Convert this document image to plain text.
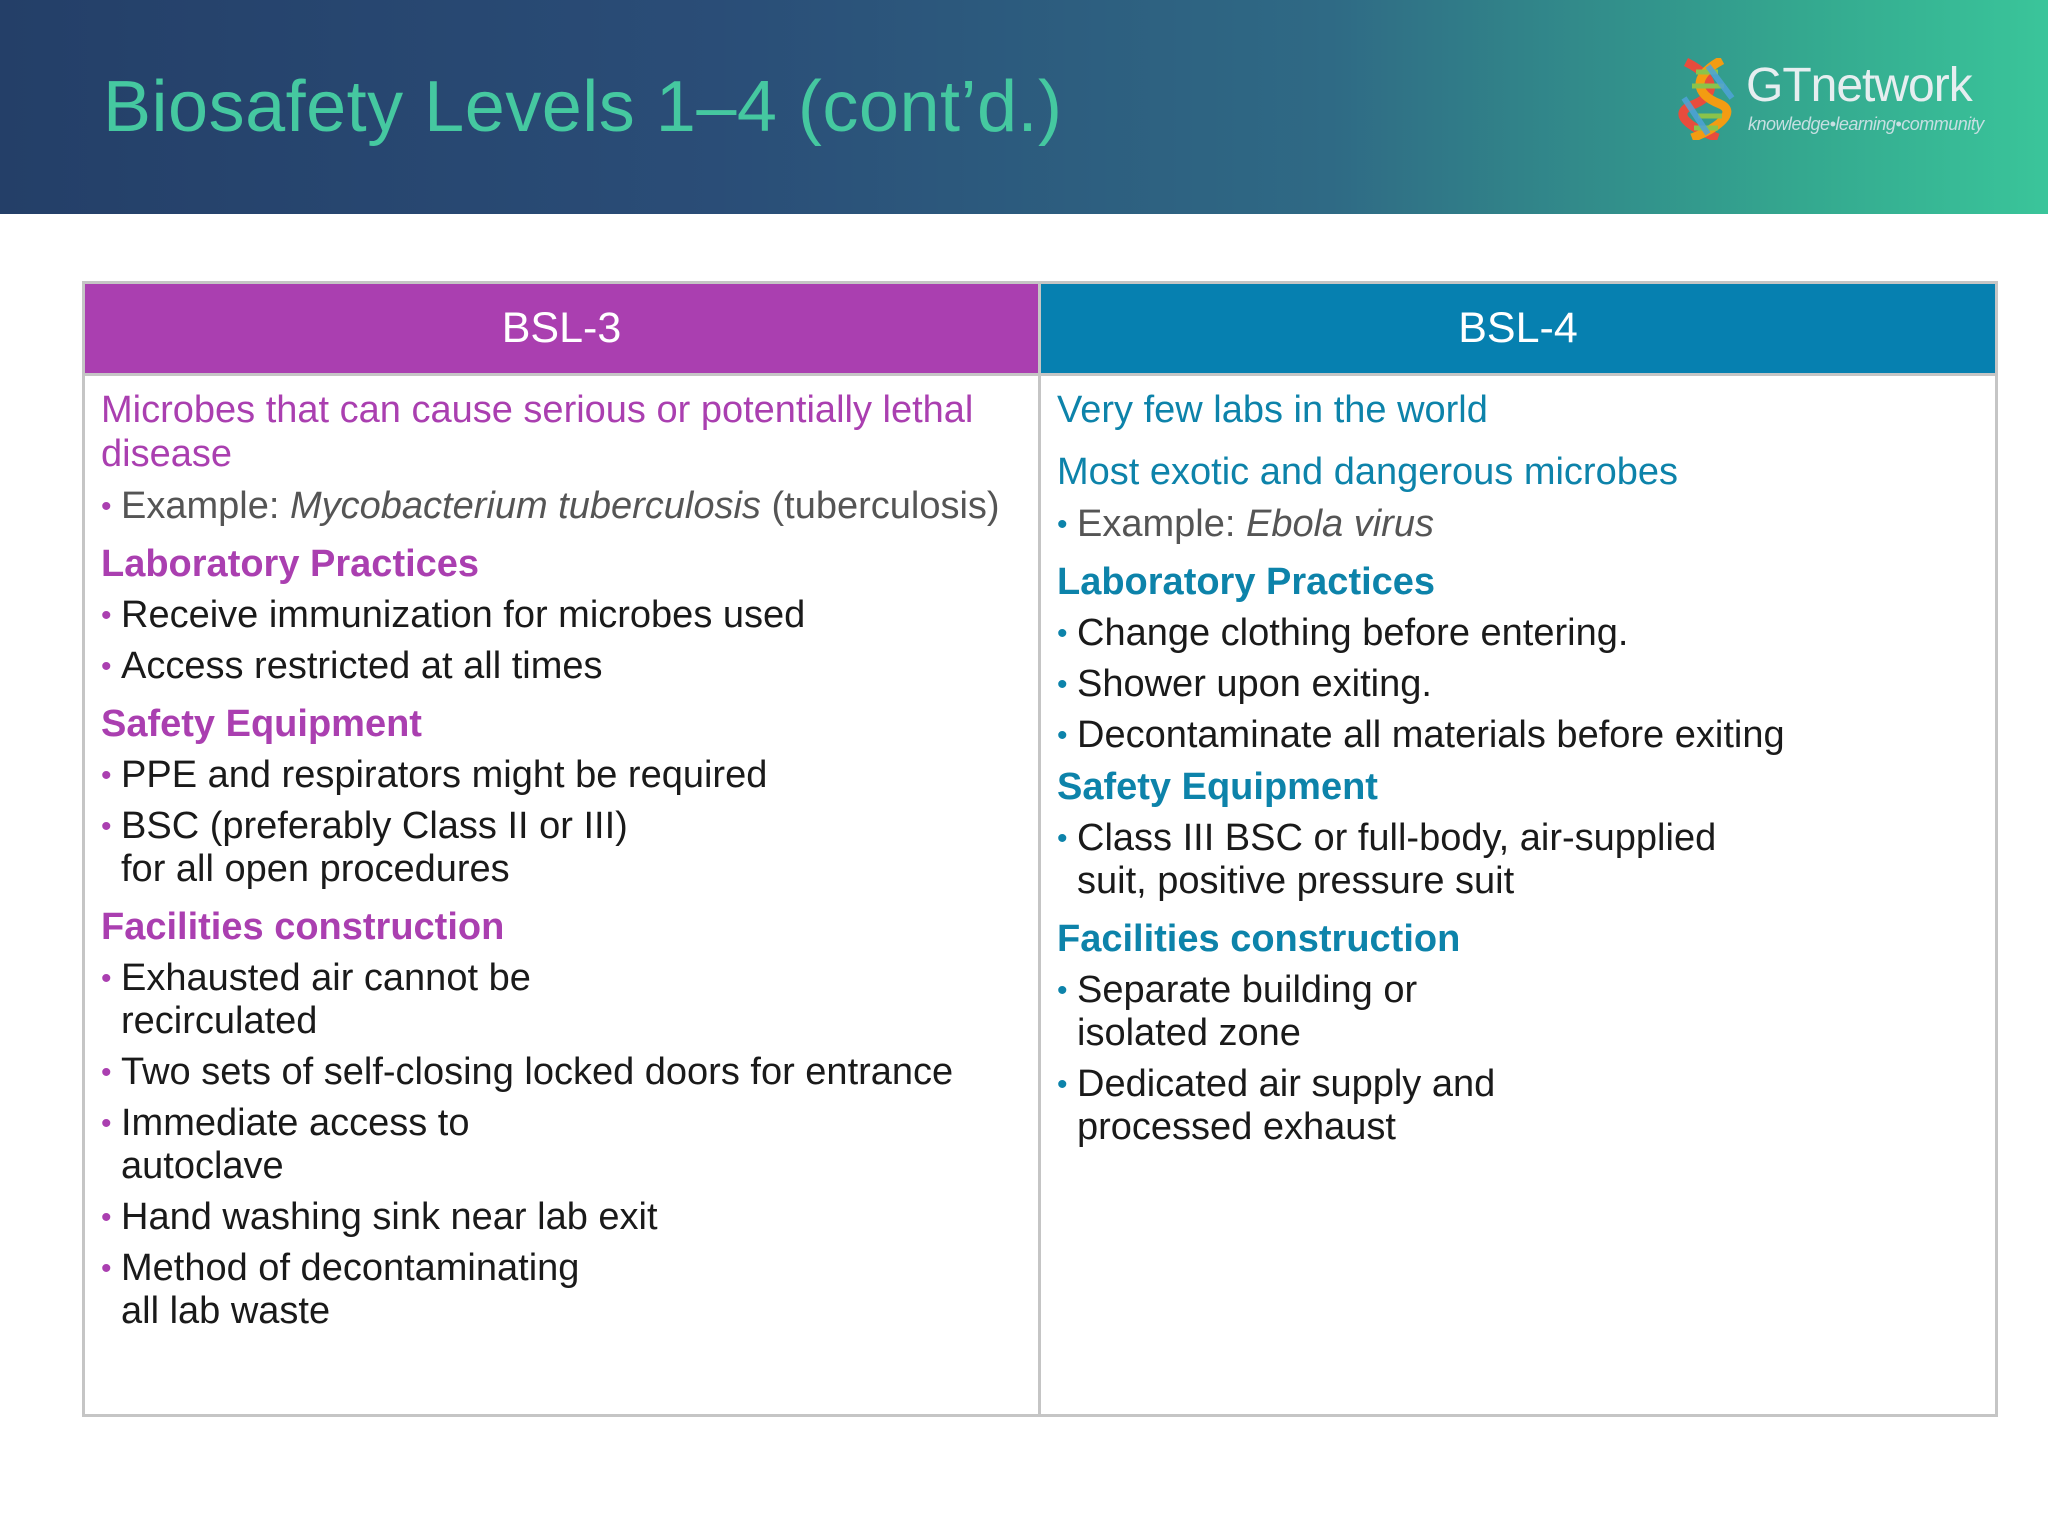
Biosafety Levels 1–4 (cont’d.)	GTnetwork
knowledge•learning•community
BSL-3

Microbes that can cause serious or potentially lethal disease

• Example: Mycobacterium tuberculosis (tuberculosis)
Laboratory Practices
• Receive immunization for microbes used
• Access restricted at all times
Safety Equipment
• PPE and respirators might be required
• BSC (preferably Class II or III) for all open procedures
Facilities construction
• Exhausted air cannot be recirculated
• Two sets of self-closing locked doors for entrance
• Immediate access to autoclave
• Hand washing sink near lab exit
• Method of decontaminating all lab waste
BSL-4

Very few labs in the world

Most exotic and dangerous microbes

• Example: Ebola virus
Laboratory Practices
• Change clothing before entering.
• Shower upon exiting.
• Decontaminate all materials before exiting
Safety Equipment
• Class III BSC or full-body, air-supplied suit, positive pressure suit
Facilities construction
• Separate building or isolated zone
• Dedicated air supply and processed exhaust
